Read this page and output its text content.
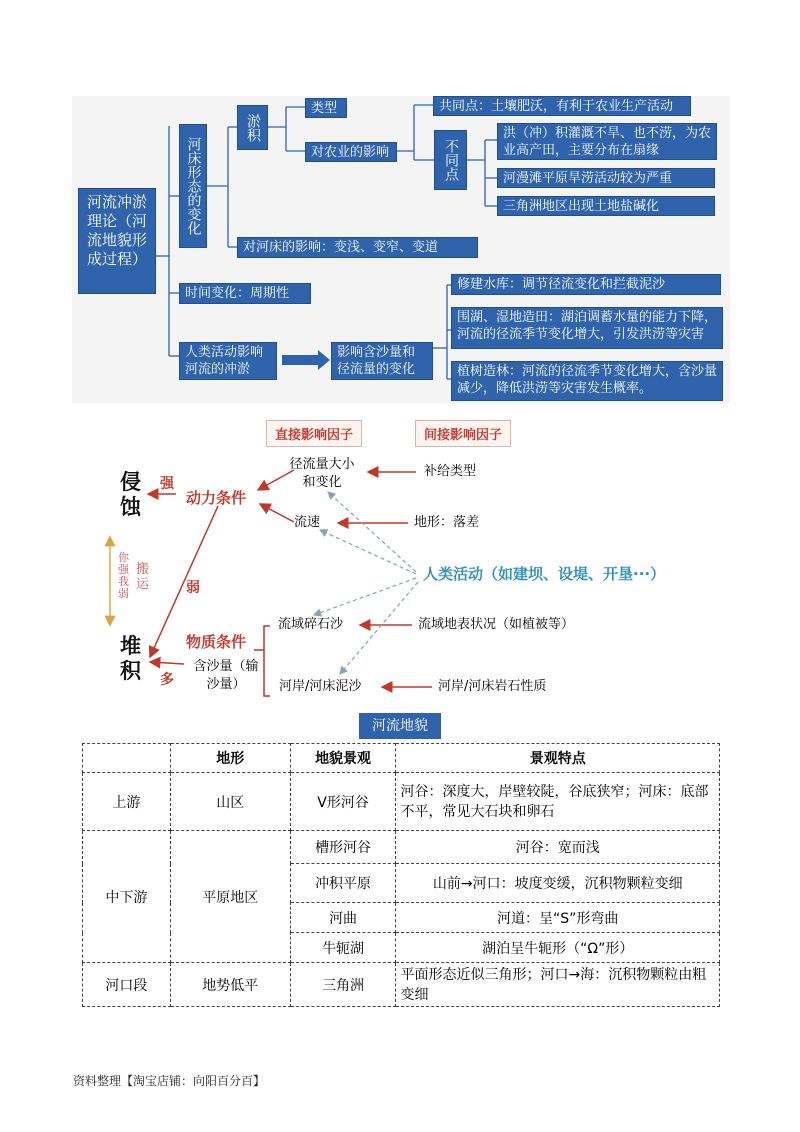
河流冲淤理论（河流地貌形成过程）
河床形态的变化
淤积
类型
对农业的影响
共同点：土壤肥沃，有利于农业生产活动
不同点
洪（冲）积灌溉不旱、也不涝，为农业高产田，主要分布在扇缘
河漫滩平原旱涝活动较为严重
三角洲地区出现土地盐碱化
对河床的影响：变浅、变窄、变道
时间变化：周期性
人类活动影响河流的冲淤
影响含沙量和径流量的变化
修建水库：调节径流变化和拦截泥沙
围湖、湿地造田：湖泊调蓄水量的能力下降，河流的径流季节变化增大，引发洪涝等灾害
植树造林：河流的径流季节变化增大，含沙量减少，降低洪涝等灾害发生概率。
直接影响因子	间接影响因子
侵蚀
堆积
强
弱
多
你强我弱
搬运
动力条件
物质条件
含沙量（输沙量）
径流量大小和变化
流速
流域碎石沙
河岸/河床泥沙
补给类型
地形：落差
人类活动（如建坝、设堤、开垦···）
流域地表状况（如植被等）
河岸/河床岩石性质
河流地貌
	地形	地貌景观	景观特点
上游	山区	V形河谷	河谷：深度大，岸壁较陡，谷底狭窄；河床：底部不平，常见大石块和卵石
中下游	平原地区	槽形河谷	河谷：宽而浅
		冲积平原	山前→河口：坡度变缓，沉积物颗粒变细
		河曲	河道：呈“S”形弯曲
		牛轭湖	湖泊呈牛轭形（“Ω”形）
河口段	地势低平	三角洲	平面形态近似三角形；河口→海：沉积物颗粒由粗变细
资料整理【淘宝店铺：向阳百分百】
